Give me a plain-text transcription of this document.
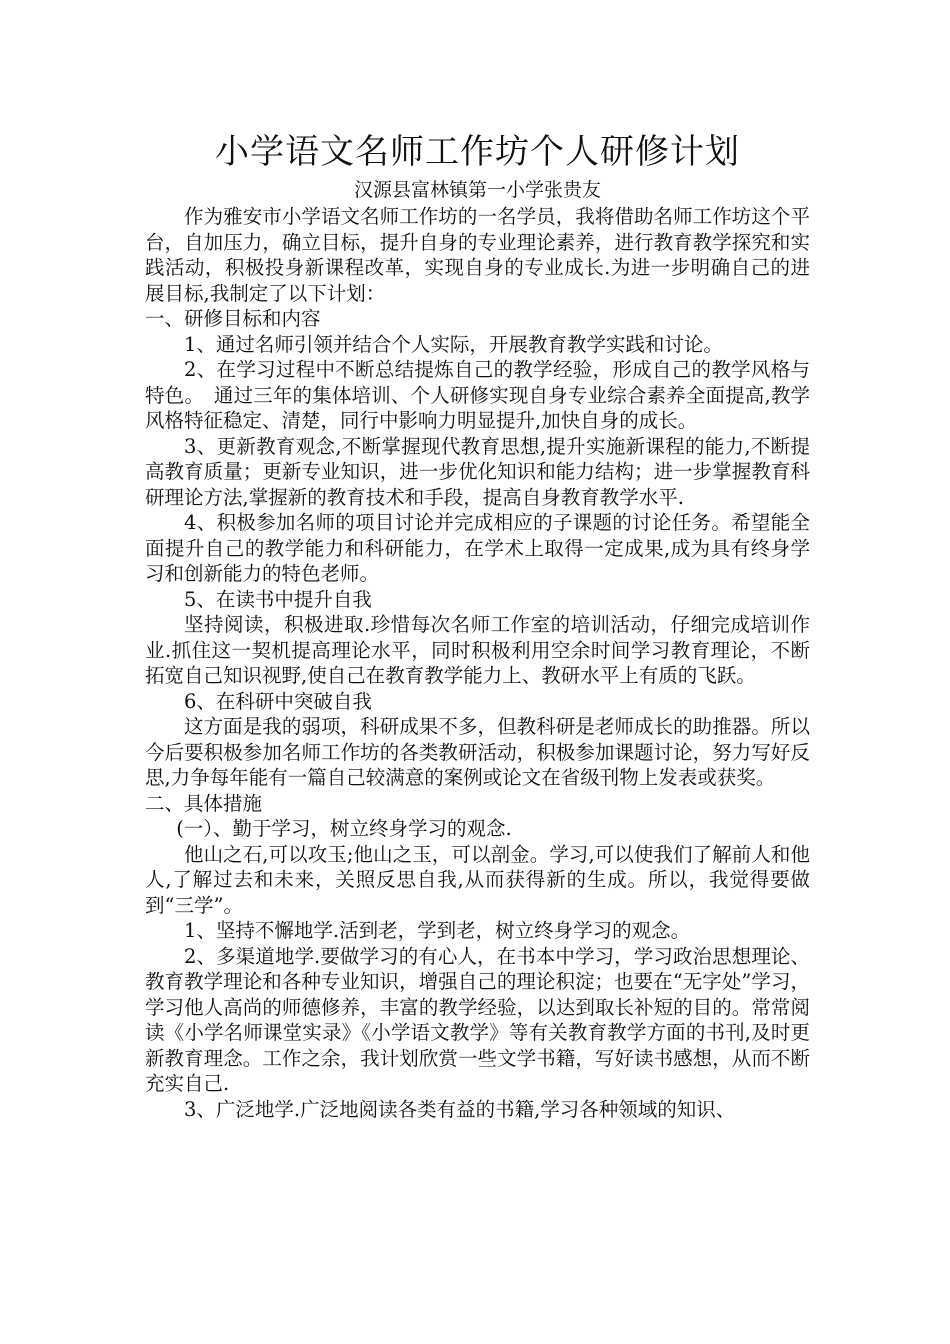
小学语文名师工作坊个人研修计划

汉源县富林镇第一小学张贵友

作为雅安市小学语文名师工作坊的一名学员，我将借助名师工作坊这个平台，自加压力，确立目标，提升自身的专业理论素养，进行教育教学探究和实践活动，积极投身新课程改革，实现自身的专业成长.为进一步明确自己的进展目标,我制定了以下计划：

一、研修目标和内容

1、通过名师引领并结合个人实际，开展教育教学实践和讨论。

2、在学习过程中不断总结提炼自己的教学经验，形成自己的教学风格与特色。　通过三年的集体培训、个人研修实现自身专业综合素养全面提高,教学风格特征稳定、清楚，同行中影响力明显提升,加快自身的成长。

3、更新教育观念,不断掌握现代教育思想,提升实施新课程的能力,不断提高教育质量；更新专业知识，进一步优化知识和能力结构；进一步掌握教育科研理论方法,掌握新的教育技术和手段，提高自身教育教学水平.

4、积极参加名师的项目讨论并完成相应的子课题的讨论任务。希望能全面提升自己的教学能力和科研能力，在学术上取得一定成果,成为具有终身学习和创新能力的特色老师。

5、在读书中提升自我

坚持阅读，积极进取.珍惜每次名师工作室的培训活动，仔细完成培训作业.抓住这一契机提高理论水平，同时积极利用空余时间学习教育理论，不断拓宽自己知识视野,使自己在教育教学能力上、教研水平上有质的飞跃。

6、在科研中突破自我

这方面是我的弱项，科研成果不多，但教科研是老师成长的助推器。所以今后要积极参加名师工作坊的各类教研活动，积极参加课题讨论，努力写好反思,力争每年能有一篇自己较满意的案例或论文在省级刊物上发表或获奖。

二、具体措施

(一）、勤于学习，树立终身学习的观念.

他山之石,可以攻玉;他山之玉，可以剖金。学习,可以使我们了解前人和他人,了解过去和未来，关照反思自我,从而获得新的生成。所以，我觉得要做到“三学”。

1、坚持不懈地学.活到老，学到老，树立终身学习的观念。

2、多渠道地学.要做学习的有心人，在书本中学习，学习政治思想理论、教育教学理论和各种专业知识，增强自己的理论积淀；也要在“无字处”学习，学习他人高尚的师德修养，丰富的教学经验，以达到取长补短的目的。常常阅读《小学名师课堂实录》《小学语文教学》等有关教育教学方面的书刊,及时更新教育理念。工作之余，我计划欣赏一些文学书籍，写好读书感想，从而不断充实自己.

3、广泛地学.广泛地阅读各类有益的书籍,学习各种领域的知识、
